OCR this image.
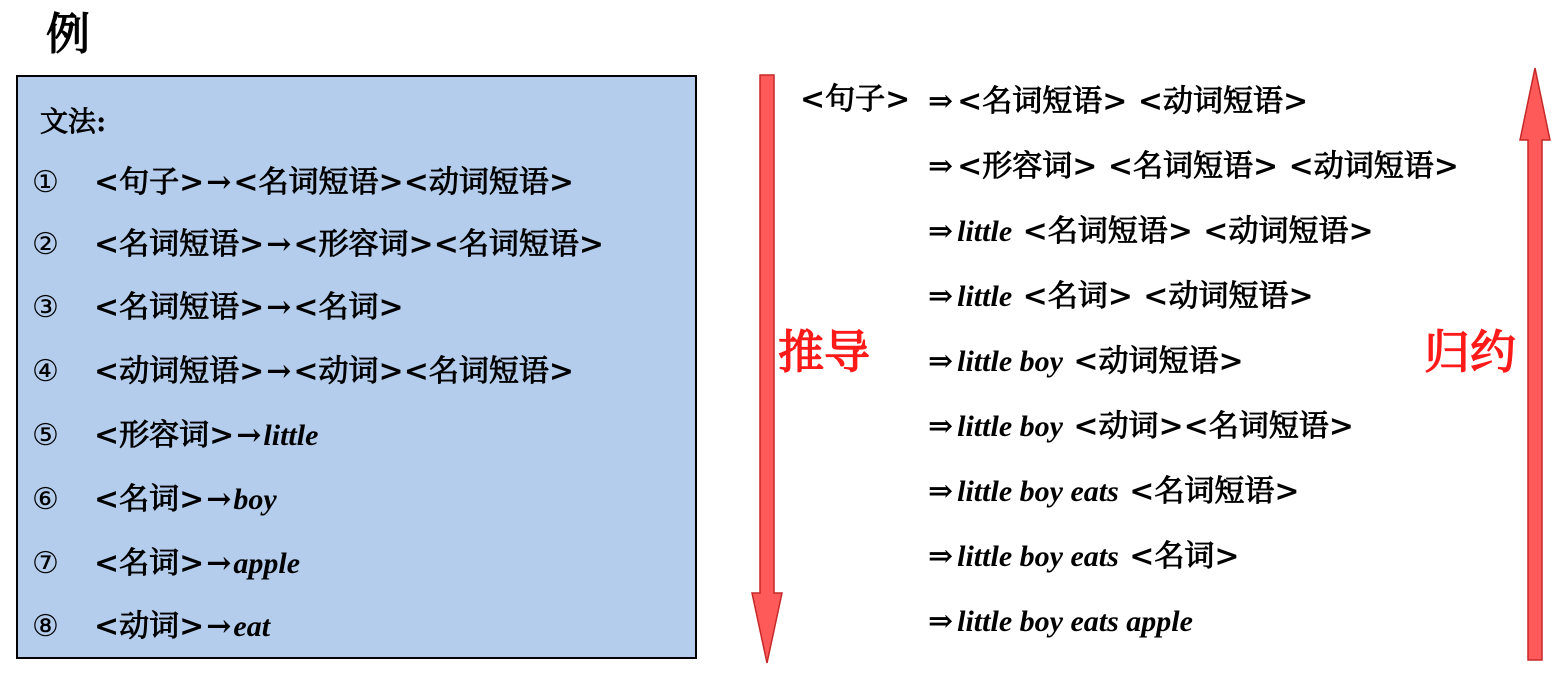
例
文法:
① <句子>→<名词短语><动词短语>
② <名词短语>→<形容词><名词短语>
③ <名词短语>→<名词>
④ <动词短语>→<动词><名词短语>
⑤ <形容词>→little
⑥ <名词>→boy
⑦ <名词>→apple
⑧ <动词>→eat
<句子> ⇒ <名词短语> <动词短语>
⇒ <形容词> <名词短语> <动词短语>
⇒ little <名词短语> <动词短语>
⇒ little <名词> <动词短语>
⇒ little boy <动词短语>
⇒ little boy <动词><名词短语>
⇒ little boy eats <名词短语>
⇒ little boy eats <名词>
⇒ little boy eats apple
推导	归约
